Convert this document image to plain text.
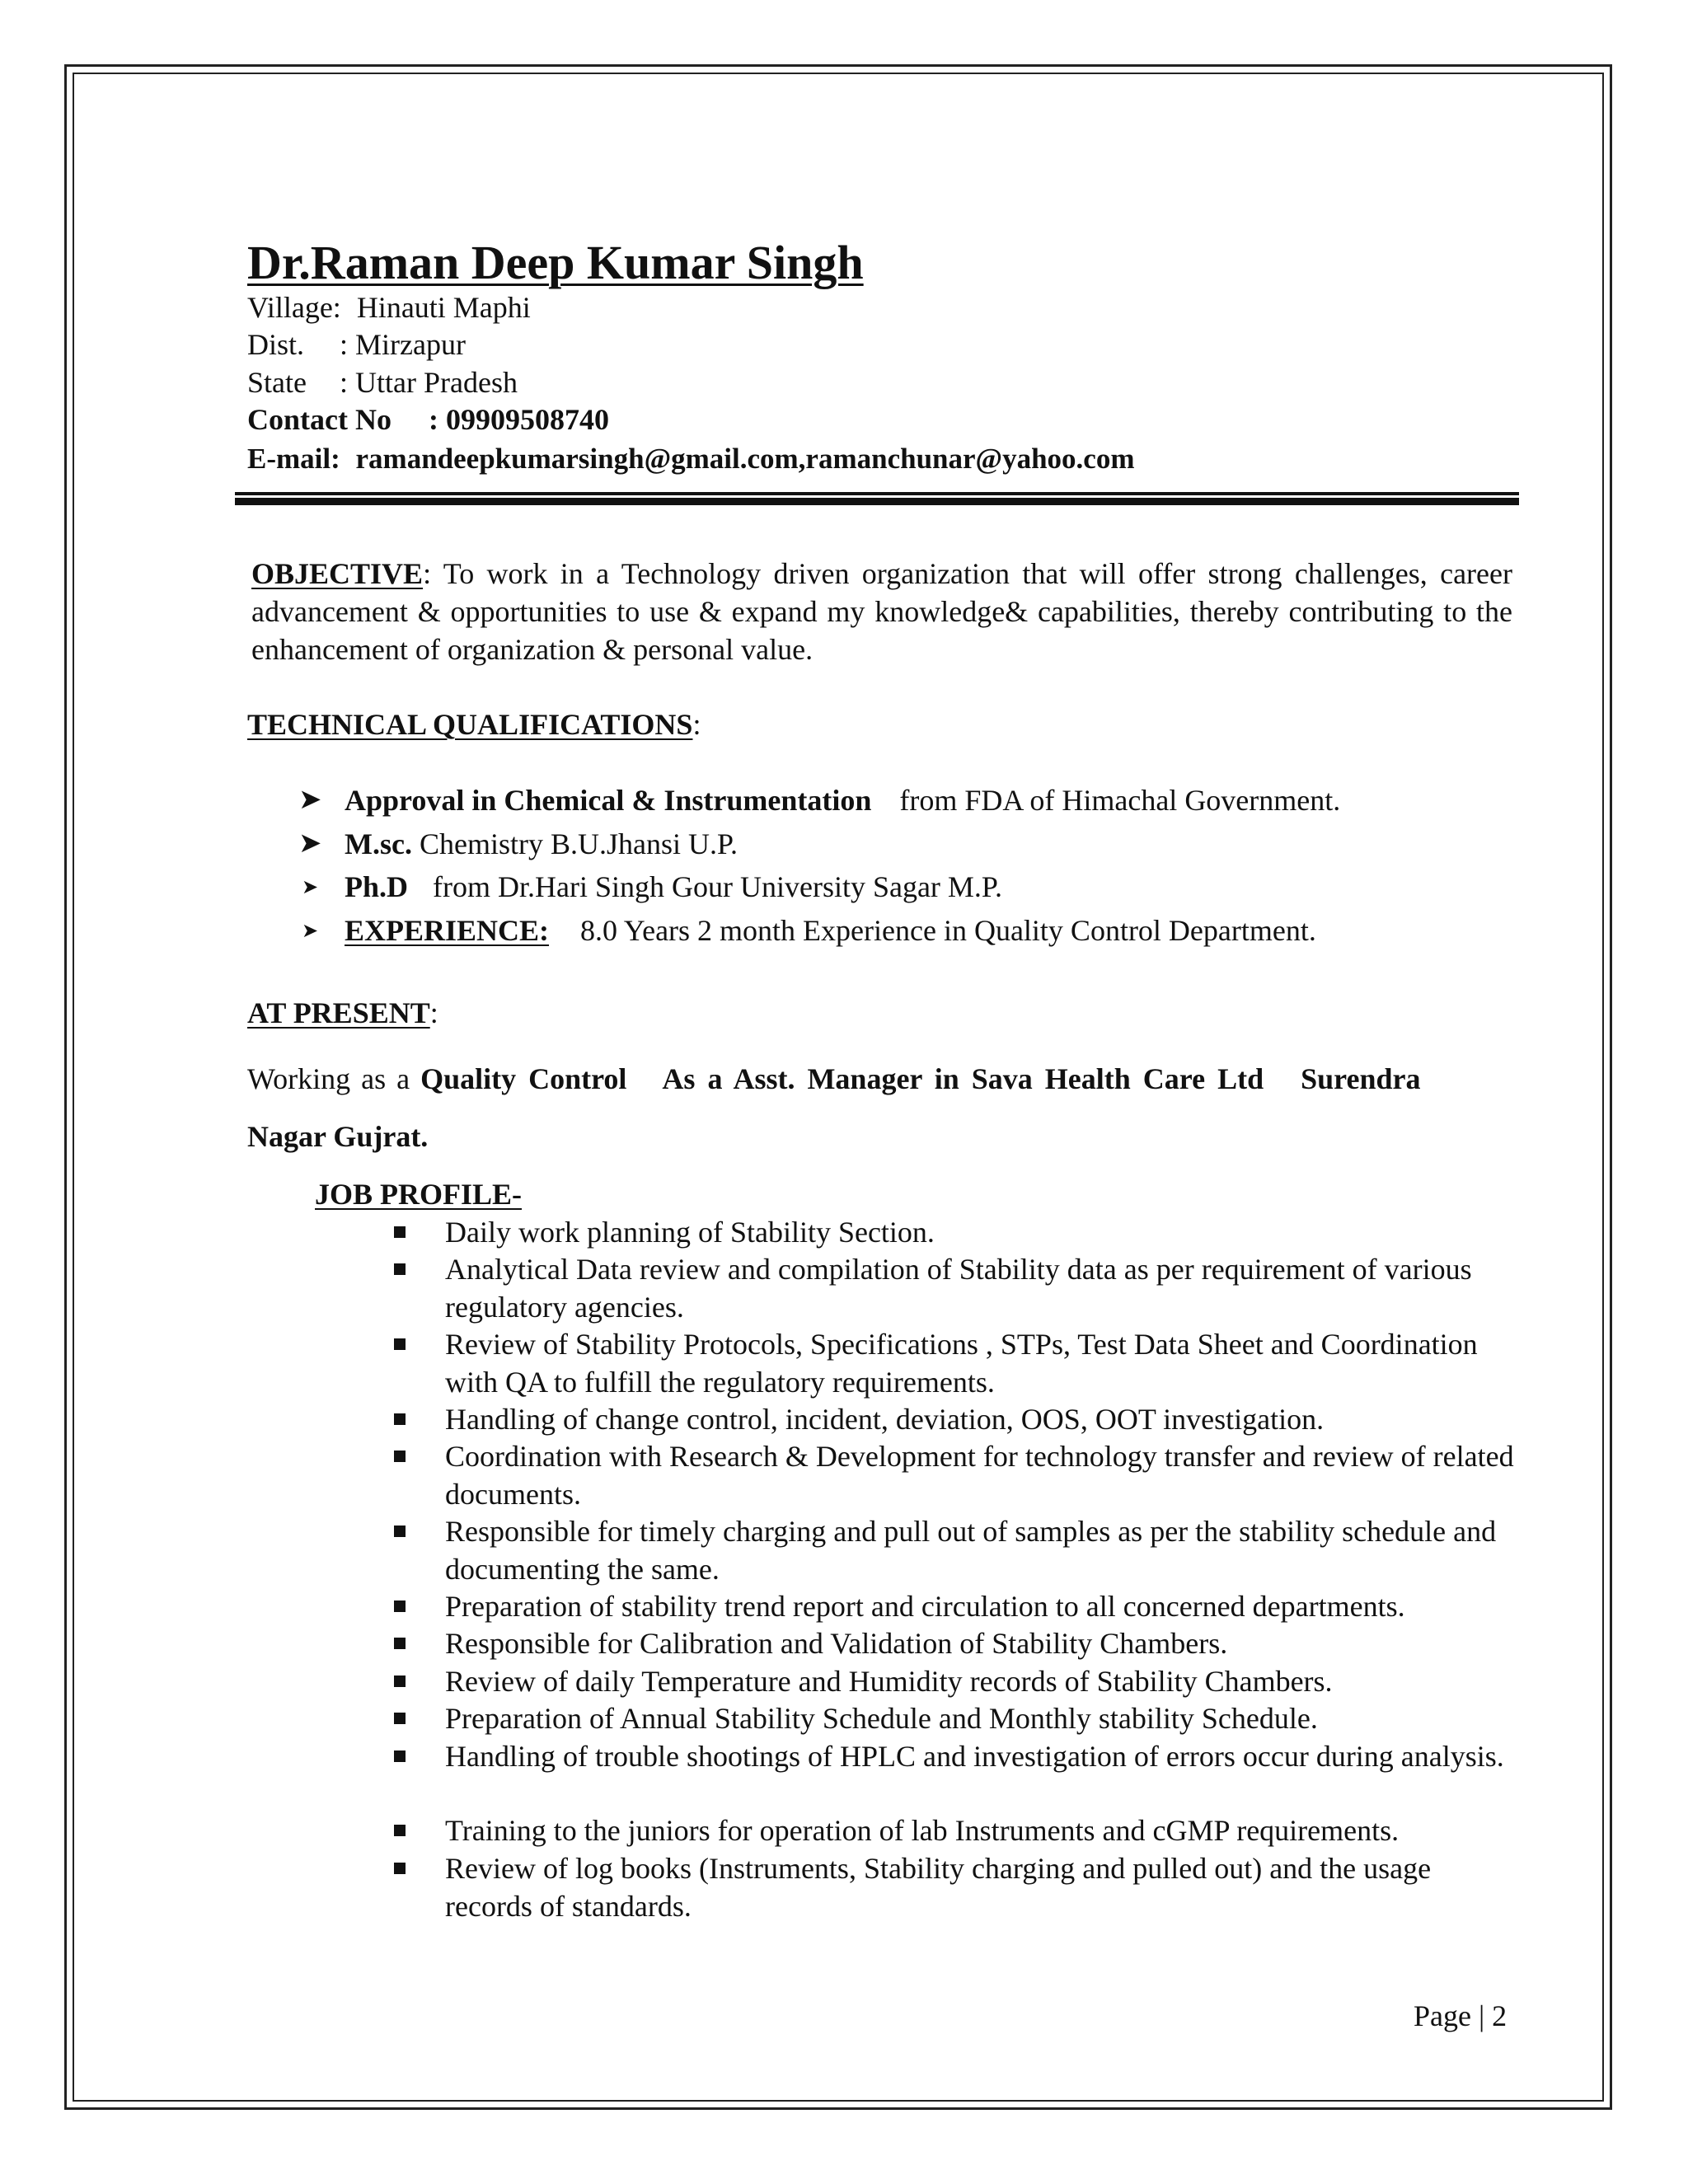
Dr.Raman Deep Kumar Singh
Village: Hinauti Maphi
Dist. : Mirzapur
State : Uttar Pradesh
Contact No : 09909508740
E-mail: ramandeepkumarsingh@gmail.com,ramanchunar@yahoo.com
OBJECTIVE: To work in a Technology driven organization that will offer strong challenges, career advancement & opportunities to use & expand my knowledge& capabilities, thereby contributing to the enhancement of organization & personal value.
TECHNICAL QUALIFICATIONS:
➤ Approval in Chemical & Instrumentation from FDA of Himachal Government.
➤ M.sc. Chemistry B.U.Jhansi U.P.
➤ Ph.D from Dr.Hari Singh Gour University Sagar M.P.
➤ EXPERIENCE: 8.0 Years 2 month Experience in Quality Control Department.
AT PRESENT:
Working as a Quality Control   As a Asst. Manager in Sava Health Care Ltd   Surendra
Nagar Gujrat.
JOB PROFILE-
Daily work planning of Stability Section.
Analytical Data review and compilation of Stability data as per requirement of various regulatory agencies.
Review of Stability Protocols, Specifications , STPs, Test Data Sheet and Coordination with QA to fulfill the regulatory requirements.
Handling of change control, incident, deviation, OOS, OOT investigation.
Coordination with Research & Development for technology transfer and review of related documents.
Responsible for timely charging and pull out of samples as per the stability schedule and documenting the same.
Preparation of stability trend report and circulation to all concerned departments.
Responsible for Calibration and Validation of Stability Chambers.
Review of daily Temperature and Humidity records of Stability Chambers.
Preparation of Annual Stability Schedule and Monthly stability Schedule.
Handling of trouble shootings of HPLC and investigation of errors occur during analysis.
Training to the juniors for operation of lab Instruments and cGMP requirements.
Review of log books (Instruments, Stability charging and pulled out) and the usage records of standards.
Page | 2
